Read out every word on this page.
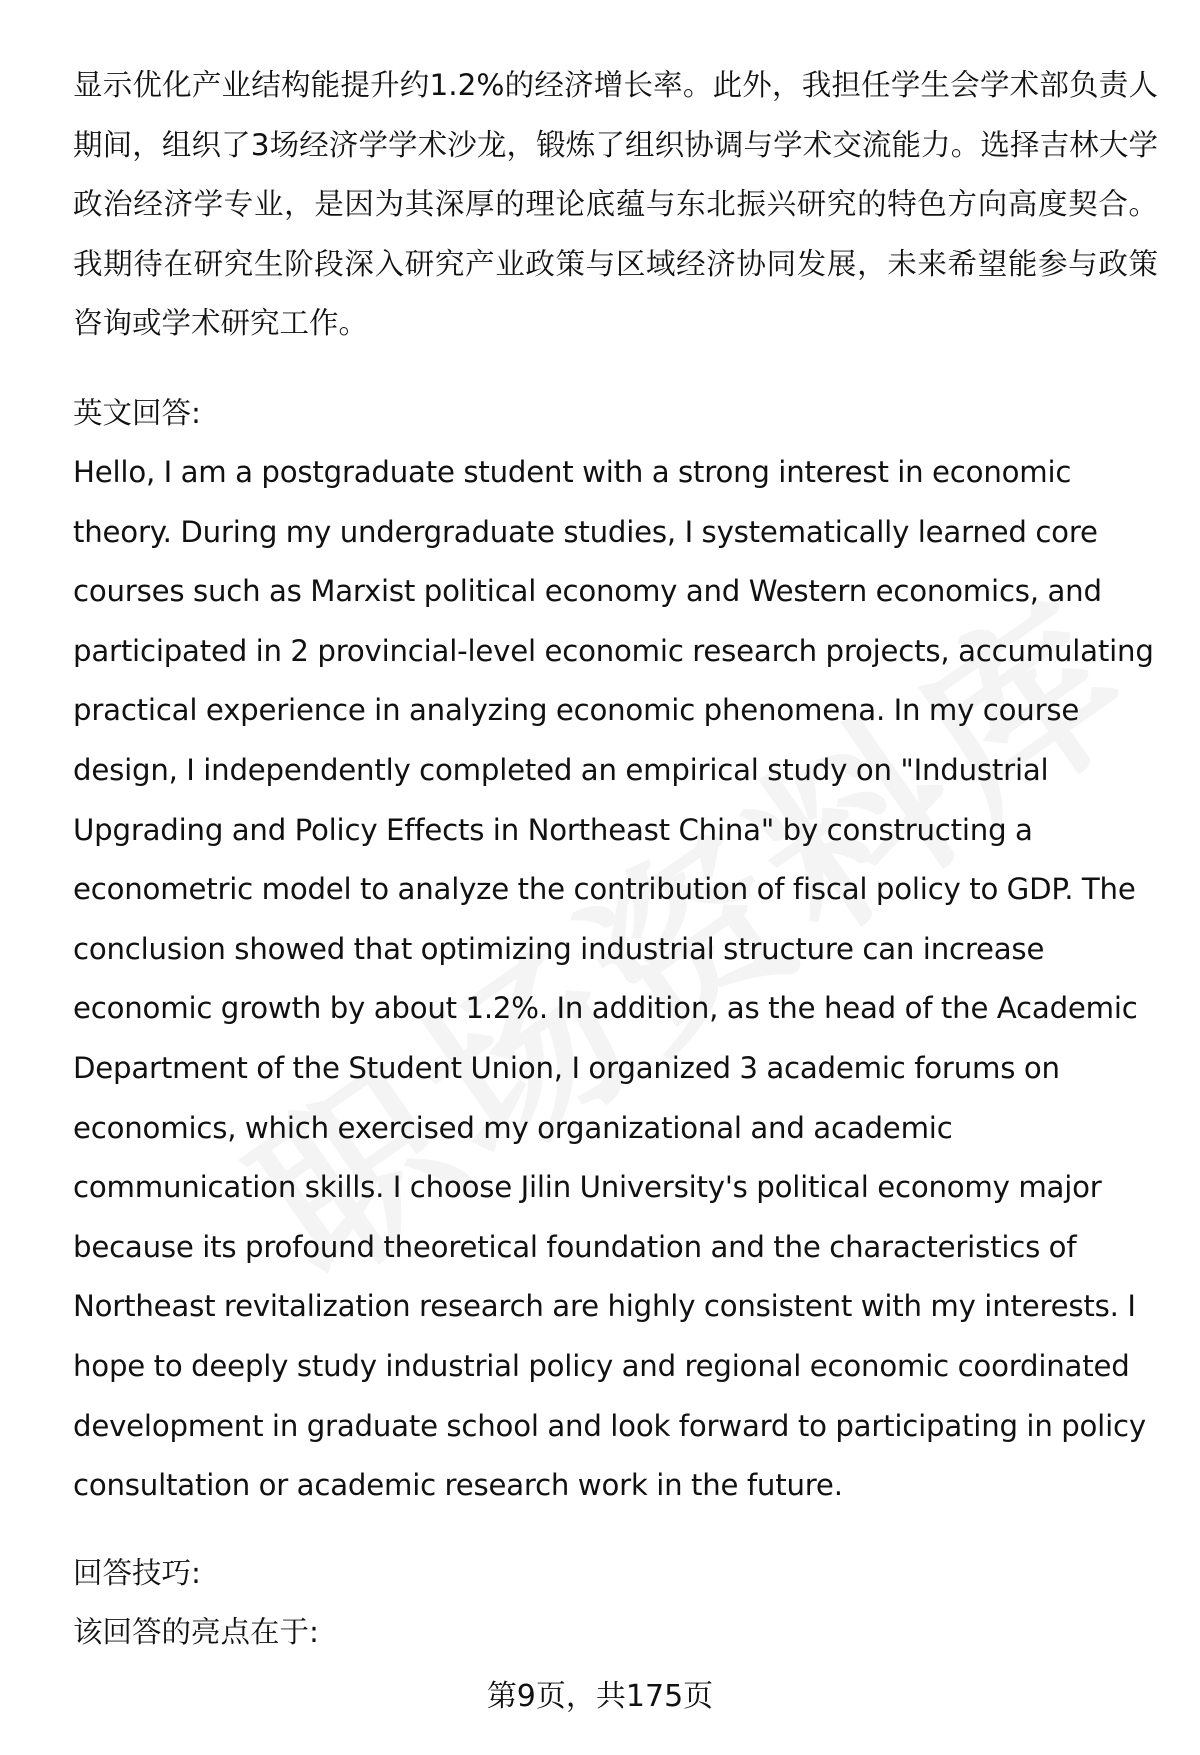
显示优化产业结构能提升约1.2%的经济增长率。此外，我担任学生会学术部负责人期间，组织了3场经济学学术沙龙，锻炼了组织协调与学术交流能力。选择吉林大学政治经济学专业，是因为其深厚的理论底蕴与东北振兴研究的特色方向高度契合。我期待在研究生阶段深入研究产业政策与区域经济协同发展，未来希望能参与政策咨询或学术研究工作。

英文回答:

Hello, I am a postgraduate student with a strong interest in economic theory. During my undergraduate studies, I systematically learned core courses such as Marxist political economy and Western economics, and participated in 2 provincial-level economic research projects, accumulating practical experience in analyzing economic phenomena. In my course design, I independently completed an empirical study on "Industrial Upgrading and Policy Effects in Northeast China" by constructing a econometric model to analyze the contribution of fiscal policy to GDP. The conclusion showed that optimizing industrial structure can increase economic growth by about 1.2%. In addition, as the head of the Academic Department of the Student Union, I organized 3 academic forums on economics, which exercised my organizational and academic communication skills. I choose Jilin University's political economy major because its profound theoretical foundation and the characteristics of Northeast revitalization research are highly consistent with my interests. I hope to deeply study industrial policy and regional economic coordinated development in graduate school and look forward to participating in policy consultation or academic research work in the future.

回答技巧:

该回答的亮点在于:

第9页，共175页
